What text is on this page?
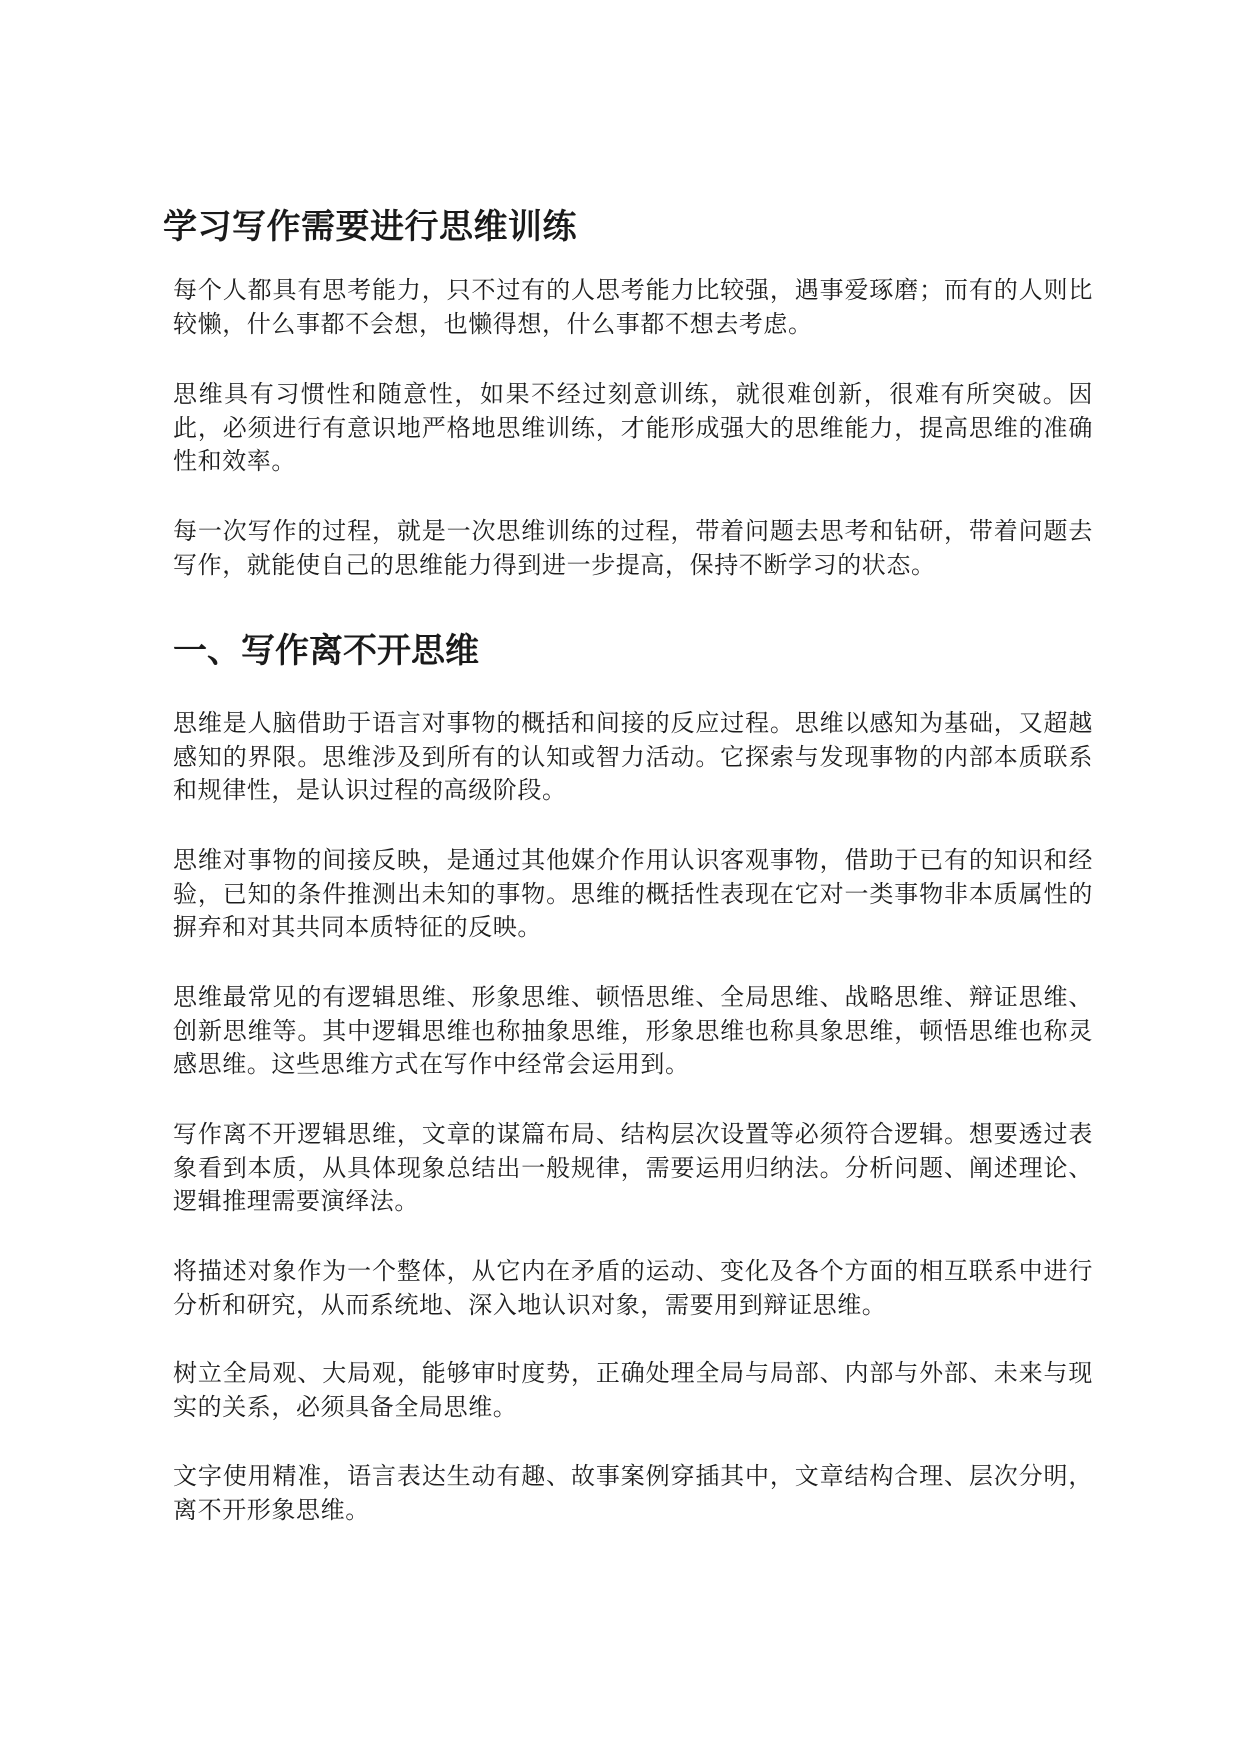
学习写作需要进行思维训练

每个人都具有思考能力，只不过有的人思考能力比较强，遇事爱琢磨；而有的人则比较懒，什么事都不会想，也懒得想，什么事都不想去考虑。

思维具有习惯性和随意性，如果不经过刻意训练，就很难创新，很难有所突破。因此，必须进行有意识地严格地思维训练，才能形成强大的思维能力，提高思维的准确性和效率。

每一次写作的过程，就是一次思维训练的过程，带着问题去思考和钻研，带着问题去写作，就能使自己的思维能力得到进一步提高，保持不断学习的状态。

一、写作离不开思维

思维是人脑借助于语言对事物的概括和间接的反应过程。思维以感知为基础，又超越感知的界限。思维涉及到所有的认知或智力活动。它探索与发现事物的内部本质联系和规律性，是认识过程的高级阶段。

思维对事物的间接反映，是通过其他媒介作用认识客观事物，借助于已有的知识和经验，已知的条件推测出未知的事物。思维的概括性表现在它对一类事物非本质属性的摒弃和对其共同本质特征的反映。

思维最常见的有逻辑思维、形象思维、顿悟思维、全局思维、战略思维、辩证思维、创新思维等。其中逻辑思维也称抽象思维，形象思维也称具象思维，顿悟思维也称灵感思维。这些思维方式在写作中经常会运用到。

写作离不开逻辑思维，文章的谋篇布局、结构层次设置等必须符合逻辑。想要透过表象看到本质，从具体现象总结出一般规律，需要运用归纳法。分析问题、阐述理论、逻辑推理需要演绎法。

将描述对象作为一个整体，从它内在矛盾的运动、变化及各个方面的相互联系中进行分析和研究，从而系统地、深入地认识对象，需要用到辩证思维。

树立全局观、大局观，能够审时度势，正确处理全局与局部、内部与外部、未来与现实的关系，必须具备全局思维。

文字使用精准，语言表达生动有趣、故事案例穿插其中，文章结构合理、层次分明，离不开形象思维。
